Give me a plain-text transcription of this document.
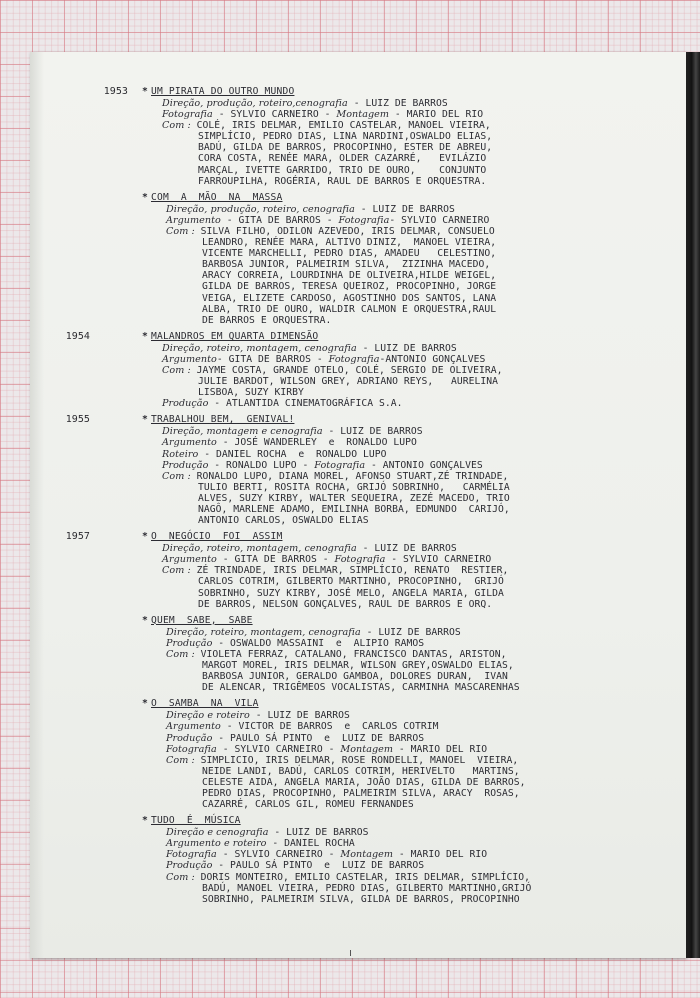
1953 * UM PIRATA DO OUTRO MUNDO
Direção, produção, roteiro,cenografia - LUIZ DE BARROS
Fotografia - SYLVIO CARNEIRO - Montagem - MARIO DEL RIO
Com : COLÉ, IRIS DELMAR, EMILIO CASTELAR, MANOEL VIEIRA,
SIMPLÍCIO, PEDRO DIAS, LINA NARDINI,OSWALDO ELIAS,
BADÚ, GILDA DE BARROS, PROCOPINHO, ESTER DE ABREU,
CORA COSTA, RENÉE MARA, OLDER CAZARRÉ,   EVILÁZIO
MARÇAL, IVETTE GARRIDO, TRIO DE OURO,    CONJUNTO
FARROUPILHA, ROGÉRIA, RAUL DE BARROS E ORQUESTRA.
* COM  A  MÃO  NA  MASSA
Direção, produção, roteiro, cenografia - LUIZ DE BARROS
Argumento - GITA DE BARROS - Fotografia- SYLVIO CARNEIRO
Com : SILVA FILHO, ODILON AZEVEDO, IRIS DELMAR, CONSUELO
LEANDRO, RENÉE MARA, ALTIVO DINIZ,  MANOEL VIEIRA,
VICENTE MARCHELLI, PEDRO DIAS, AMADEU   CELESTINO,
BARBOSA JUNIOR, PALMEIRIM SILVA,  ZIZINHA MACEDO,
ARACY CORREIA, LOURDINHA DE OLIVEIRA,HILDE WEIGEL,
GILDA DE BARROS, TERESA QUEIROZ, PROCOPINHO, JORGE
VEIGA, ELIZETE CARDOSO, AGOSTINHO DOS SANTOS, LANA
ALBA, TRIO DE OURO, WALDIR CALMON E ORQUESTRA,RAUL
DE BARROS E ORQUESTRA.
1954	* MALANDROS EM QUARTA DIMENSÃO
Direção, roteiro, montagem, cenografia - LUIZ DE BARROS
Argumento- GITA DE BARROS - Fotografia-ANTONIO GONÇALVES
Com : JAYME COSTA, GRANDE OTELO, COLÉ, SERGIO DE OLIVEIRA,
JULIE BARDOT, WILSON GREY, ADRIANO REYS,   AURELINA
LISBOA, SUZY KIRBY
Produção - ATLANTIDA CINEMATOGRÁFICA S.A.
1955	* TRABALHOU BEM,  GENIVAL!
Direção, montagem e cenografia - LUIZ DE BARROS
Argumento - JOSÉ WANDERLEY  e  RONALDO LUPO
Roteiro - DANIEL ROCHA  e  RONALDO LUPO
Produção - RONALDO LUPO - Fotografia - ANTONIO GONÇALVES
Com : RONALDO LUPO, DIANA MOREL, AFONSO STUART,ZÉ TRINDADE,
TULIO BERTI, ROSITA ROCHA, GRIJÓ SOBRINHO,   CARMÉLIA
ALVES, SUZY KIRBY, WALTER SEQUEIRA, ZEZÉ MACEDO, TRIO
NAGÔ, MARLENE ADAMO, EMILINHA BORBA, EDMUNDO  CARIJÓ,
ANTONIO CARLOS, OSWALDO ELIAS
1957	* O  NEGÓCIO  FOI  ASSIM
Direção, roteiro, montagem, cenografia - LUIZ DE BARROS
Argumento - GITA DE BARROS - Fotografia - SYLVIO CARNEIRO
Com : ZÉ TRINDADE, IRIS DELMAR, SIMPLÍCIO, RENATO  RESTIER,
CARLOS COTRIM, GILBERTO MARTINHO, PROCOPINHO,  GRIJÓ
SOBRINHO, SUZY KIRBY, JOSÉ MELO, ANGELA MARIA, GILDA
DE BARROS, NELSON GONÇALVES, RAUL DE BARROS E ORQ.
* QUEM  SABE,  SABE
Direção, roteiro, montagem, cenografia - LUIZ DE BARROS
Produção - OSWALDO MASSAINI  e  ALIPIO RAMOS
Com : VIOLETA FERRAZ, CATALANO, FRANCISCO DANTAS, ARISTON,
MARGOT MOREL, IRIS DELMAR, WILSON GREY,OSWALDO ELIAS,
BARBOSA JUNIOR, GERALDO GAMBOA, DOLORES DURAN,  IVAN
DE ALENCAR, TRIGÊMEOS VOCALISTAS, CARMINHA MASCARENHAS
* O  SAMBA  NA  VILA
Direção e roteiro - LUIZ DE BARROS
Argumento - VICTOR DE BARROS  e  CARLOS COTRIM
Produção - PAULO SÁ PINTO  e  LUIZ DE BARROS
Fotografia - SYLVIO CARNEIRO - Montagem - MARIO DEL RIO
Com : SIMPLICIO, IRIS DELMAR, ROSE RONDELLI, MANOEL  VIEIRA,
NEIDE LANDI, BADÚ, CARLOS COTRIM, HERIVELTO   MARTINS,
CELESTE AIDA, ANGELA MARIA, JOÃO DIAS, GILDA DE BARROS,
PEDRO DIAS, PROCOPINHO, PALMEIRIM SILVA, ARACY  ROSAS,
CAZARRÉ, CARLOS GIL, ROMEU FERNANDES
* TUDO  É  MÚSICA
Direção e cenografia - LUIZ DE BARROS
Argumento e roteiro - DANIEL ROCHA
Fotografia - SYLVIO CARNEIRO - Montagem - MARIO DEL RIO
Produção - PAULO SÁ PINTO  e  LUIZ DE BARROS
Com : DORIS MONTEIRO, EMILIO CASTELAR, IRIS DELMAR, SIMPLÍCIO,
BADÚ, MANOEL VIEIRA, PEDRO DIAS, GILBERTO MARTINHO,GRIJÓ
SOBRINHO, PALMEIRIM SILVA, GILDA DE BARROS, PROCOPINHO
